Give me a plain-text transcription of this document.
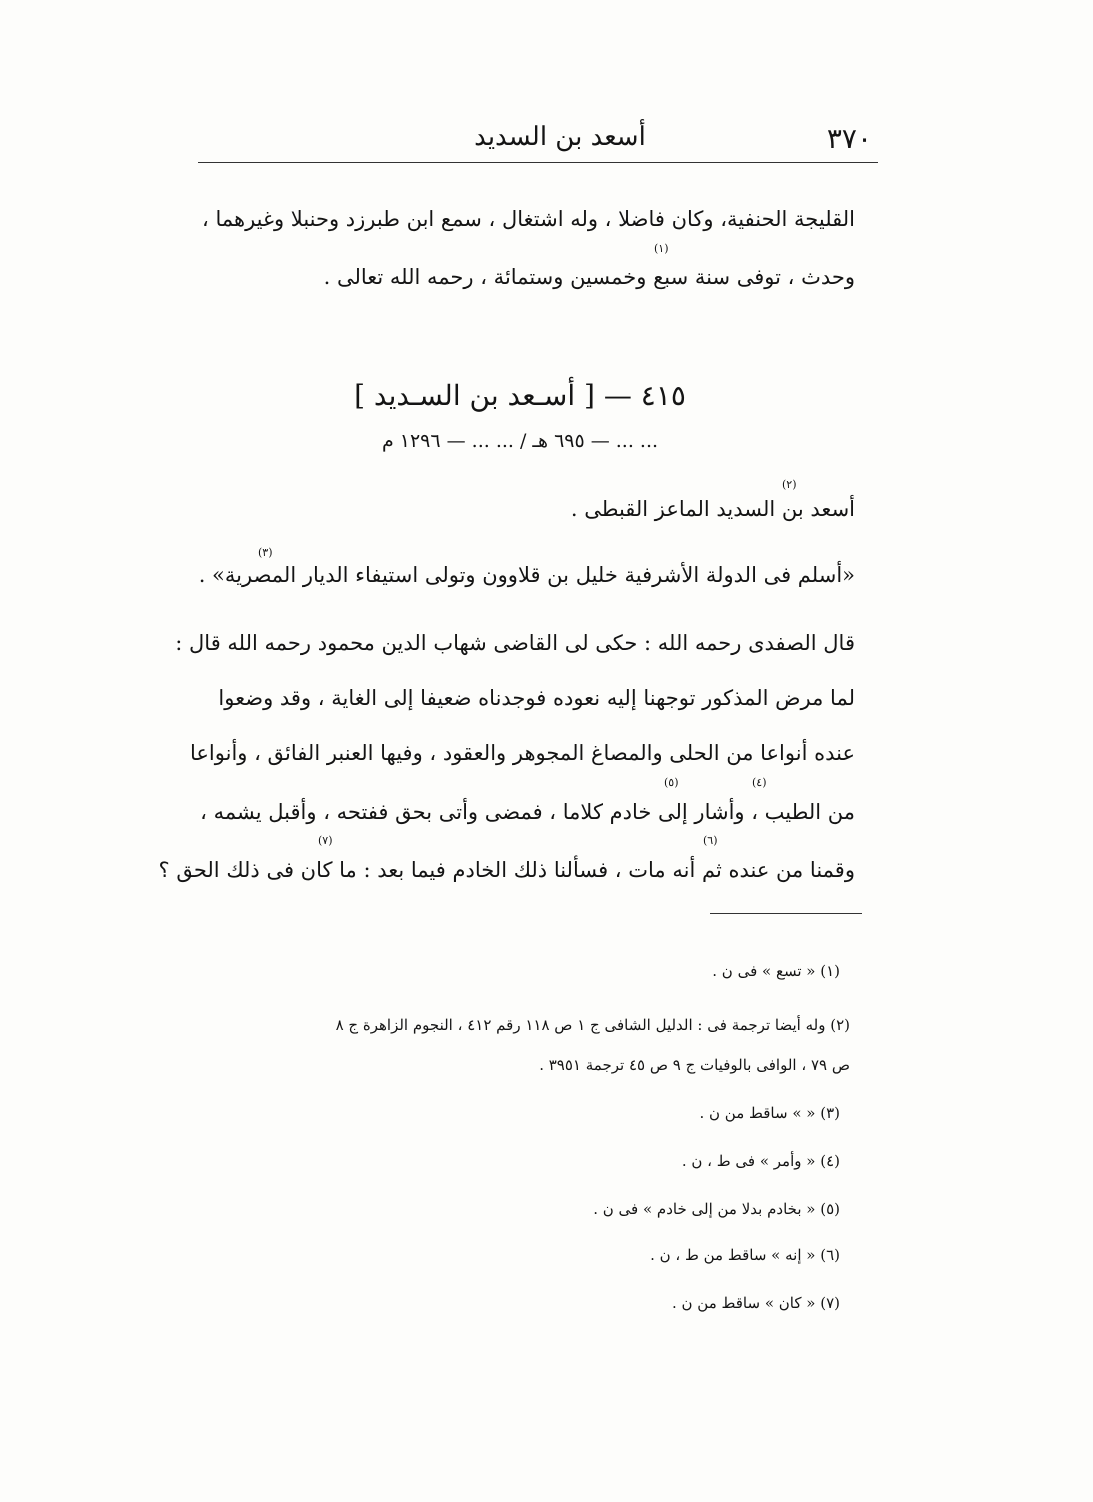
أسعد بن السديد	٣٧٠
القليجة الحنفية، وكان فاضلا ، وله اشتغال ، سمع ابن طبرزد وحنبلا وغيرهما ،
وحدث ، توفى سنة سبع وخمسين وستمائة ، رحمه الله تعالى .
٤١٥ — [ أسـعد بن السـديد ]
... ... — ٦٩٥ هـ / ... ... — ١٢٩٦ م
أسعد بن السديد الماعز القبطى .
«أسلم فى الدولة الأشرفية خليل بن قلاوون وتولى استيفاء الديار المصرية» .
قال الصفدى رحمه الله : حكى لى القاضى شهاب الدين محمود رحمه الله قال :
لما مرض المذكور توجهنا إليه نعوده فوجدناه ضعيفا إلى الغاية ، وقد وضعوا
عنده أنواعا من الحلى والمصاغ المجوهر والعقود ، وفيها العنبر الفائق ، وأنواعا
من الطيب ، وأشار إلى خادم كلاما ، فمضى وأتى بحق ففتحه ، وأقبل يشمه ،
وقمنا من عنده ثم أنه مات ، فسألنا ذلك الخادم فيما بعد : ما كان فى ذلك الحق ؟
(١)
(٢)
(٣)
(٤)
(٥)
(٦)
(٧)
(١) « تسع » فى ن .
(٢) وله أيضا ترجمة فى : الدليل الشافى ج ١ ص ١١٨ رقم ٤١٢ ، النجوم الزاهرة ج ٨
ص ٧٩ ، الوافى بالوفيات ج ٩ ص ٤٥ ترجمة ٣٩٥١ .
(٣) « » ساقط من ن .
(٤) « وأمر » فى ط ، ن .
(٥) « بخادم بدلا من إلى خادم » فى ن .
(٦) « إنه » ساقط من ط ، ن .
(٧) « كان » ساقط من ن .
